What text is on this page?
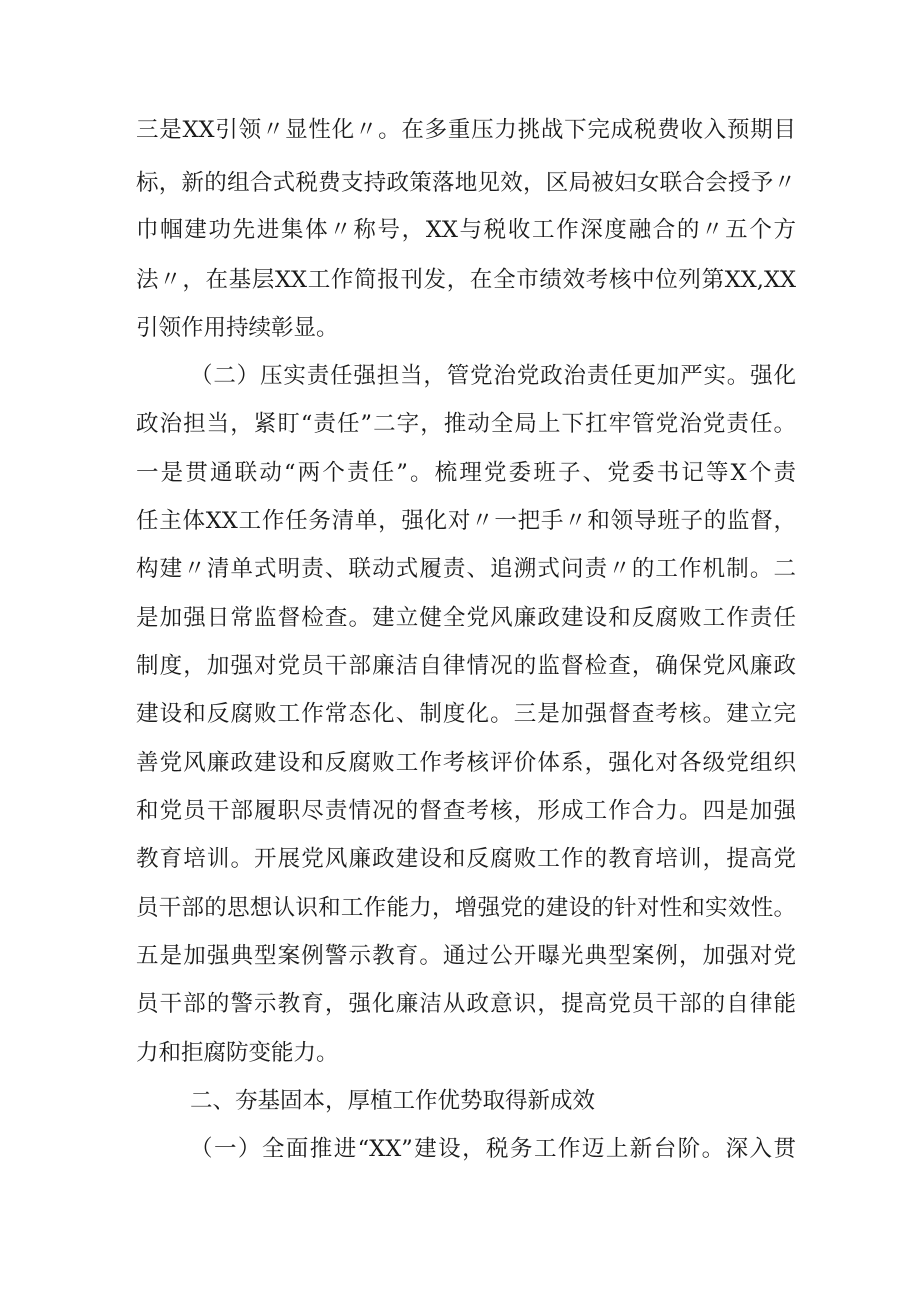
三是XX引领〃显性化〃。在多重压力挑战下完成税费收入预期目
标，新的组合式税费支持政策落地见效，区局被妇女联合会授予〃
巾帼建功先进集体〃称号，XX与税收工作深度融合的〃五个方
法〃，在基层XX工作简报刊发，在全市绩效考核中位列第XX,XX
引领作用持续彰显。
（二）压实责任强担当，管党治党政治责任更加严实。强化
政治担当，紧盯“责任”二字，推动全局上下扛牢管党治党责任。
一是贯通联动“两个责任”。梳理党委班子、党委书记等X个责
任主体XX工作任务清单，强化对〃一把手〃和领导班子的监督，
构建〃清单式明责、联动式履责、追溯式问责〃的工作机制。二
是加强日常监督检查。建立健全党风廉政建设和反腐败工作责任
制度，加强对党员干部廉洁自律情况的监督检查，确保党风廉政
建设和反腐败工作常态化、制度化。三是加强督查考核。建立完
善党风廉政建设和反腐败工作考核评价体系，强化对各级党组织
和党员干部履职尽责情况的督查考核，形成工作合力。四是加强
教育培训。开展党风廉政建设和反腐败工作的教育培训，提高党
员干部的思想认识和工作能力，增强党的建设的针对性和实效性。
五是加强典型案例警示教育。通过公开曝光典型案例，加强对党
员干部的警示教育，强化廉洁从政意识，提高党员干部的自律能
力和拒腐防变能力。
二、夯基固本，厚植工作优势取得新成效
（一）全面推进“XX”建设，税务工作迈上新台阶。深入贯
